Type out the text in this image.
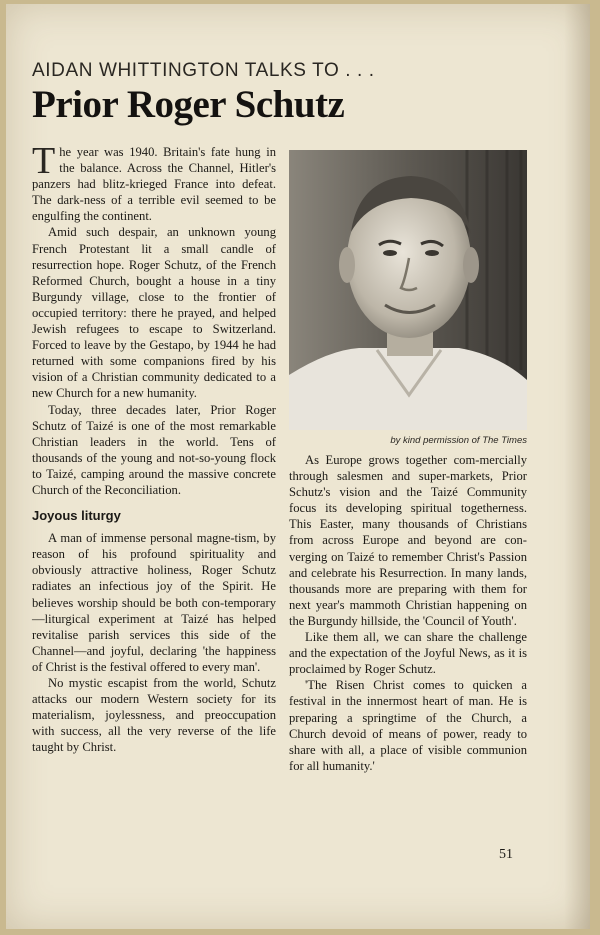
AIDAN WHITTINGTON TALKS TO . . .
Prior Roger Schutz

The year was 1940. Britain's fate hung in the balance. Across the Channel, Hitler's panzers had blitz-krieged France into defeat. The dark-ness of a terrible evil seemed to be engulfing the continent.

Amid such despair, an unknown young French Protestant lit a small candle of resurrection hope. Roger Schutz, of the French Reformed Church, bought a house in a tiny Burgundy village, close to the frontier of occupied territory: there he prayed, and helped Jewish refugees to escape to Switzerland. Forced to leave by the Gestapo, by 1944 he had returned with some companions fired by his vision of a Christian community dedicated to a new Church for a new humanity.

Today, three decades later, Prior Roger Schutz of Taizé is one of the most remarkable Christian leaders in the world. Tens of thousands of the young and not-so-young flock to Taizé, camping around the massive concrete Church of the Reconciliation.

Joyous liturgy

A man of immense personal magne-tism, by reason of his profound spirituality and obviously attractive holiness, Roger Schutz radiates an infectious joy of the Spirit. He believes worship should be both con-temporary—liturgical experiment at Taizé has helped revitalise parish services this side of the Channel—and joyful, declaring 'the happiness of Christ is the festival offered to every man'.

No mystic escapist from the world, Schutz attacks our modern Western society for its materialism, joylessness, and preoccupation with success, all the very reverse of the life taught by Christ.

by kind permission of The Times

As Europe grows together com-mercially through salesmen and super-markets, Prior Schutz's vision and the Taizé Community focus its developing spiritual togetherness. This Easter, many thousands of Christians from across Europe and beyond are con-verging on Taizé to remember Christ's Passion and celebrate his Resurrection. In many lands, thousands more are preparing with them for next year's mammoth Christian happening on the Burgundy hillside, the 'Council of Youth'.

Like them all, we can share the challenge and the expectation of the Joyful News, as it is proclaimed by Roger Schutz.

'The Risen Christ comes to quicken a festival in the innermost heart of man. He is preparing a springtime of the Church, a Church devoid of means of power, ready to share with all, a place of visible communion for all humanity.'

51
